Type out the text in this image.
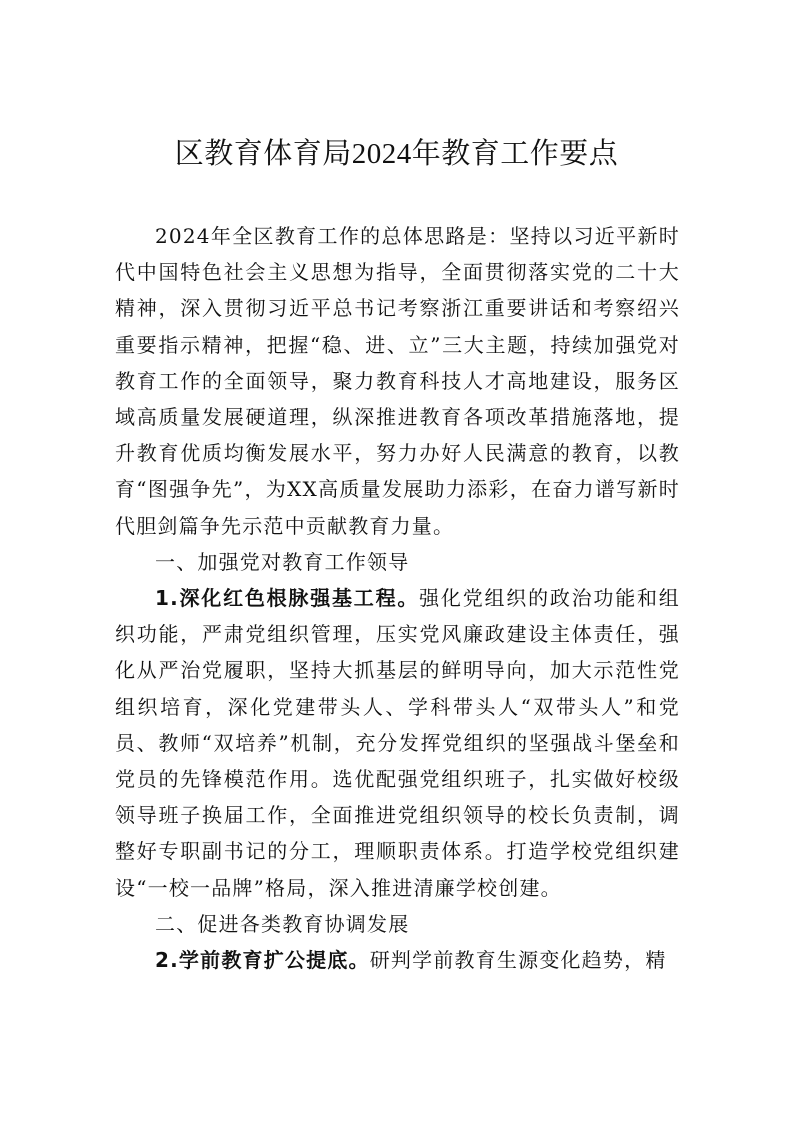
区教育体育局2024年教育工作要点

2024年全区教育工作的总体思路是：坚持以习近平新时代中国特色社会主义思想为指导，全面贯彻落实党的二十大精神，深入贯彻习近平总书记考察浙江重要讲话和考察绍兴重要指示精神，把握“稳、进、立”三大主题，持续加强党对教育工作的全面领导，聚力教育科技人才高地建设，服务区域高质量发展硬道理，纵深推进教育各项改革措施落地，提升教育优质均衡发展水平，努力办好人民满意的教育，以教育“图强争先”，为XX高质量发展助力添彩，在奋力谱写新时代胆剑篇争先示范中贡献教育力量。

一、加强党对教育工作领导

1.深化红色根脉强基工程。强化党组织的政治功能和组织功能，严肃党组织管理，压实党风廉政建设主体责任，强化从严治党履职，坚持大抓基层的鲜明导向，加大示范性党组织培育，深化党建带头人、学科带头人“双带头人”和党员、教师“双培养”机制，充分发挥党组织的坚强战斗堡垒和党员的先锋模范作用。选优配强党组织班子，扎实做好校级领导班子换届工作，全面推进党组织领导的校长负责制，调整好专职副书记的分工，理顺职责体系。打造学校党组织建设“一校一品牌”格局，深入推进清廉学校创建。

二、促进各类教育协调发展

2.学前教育扩公提底。研判学前教育生源变化趋势，精
